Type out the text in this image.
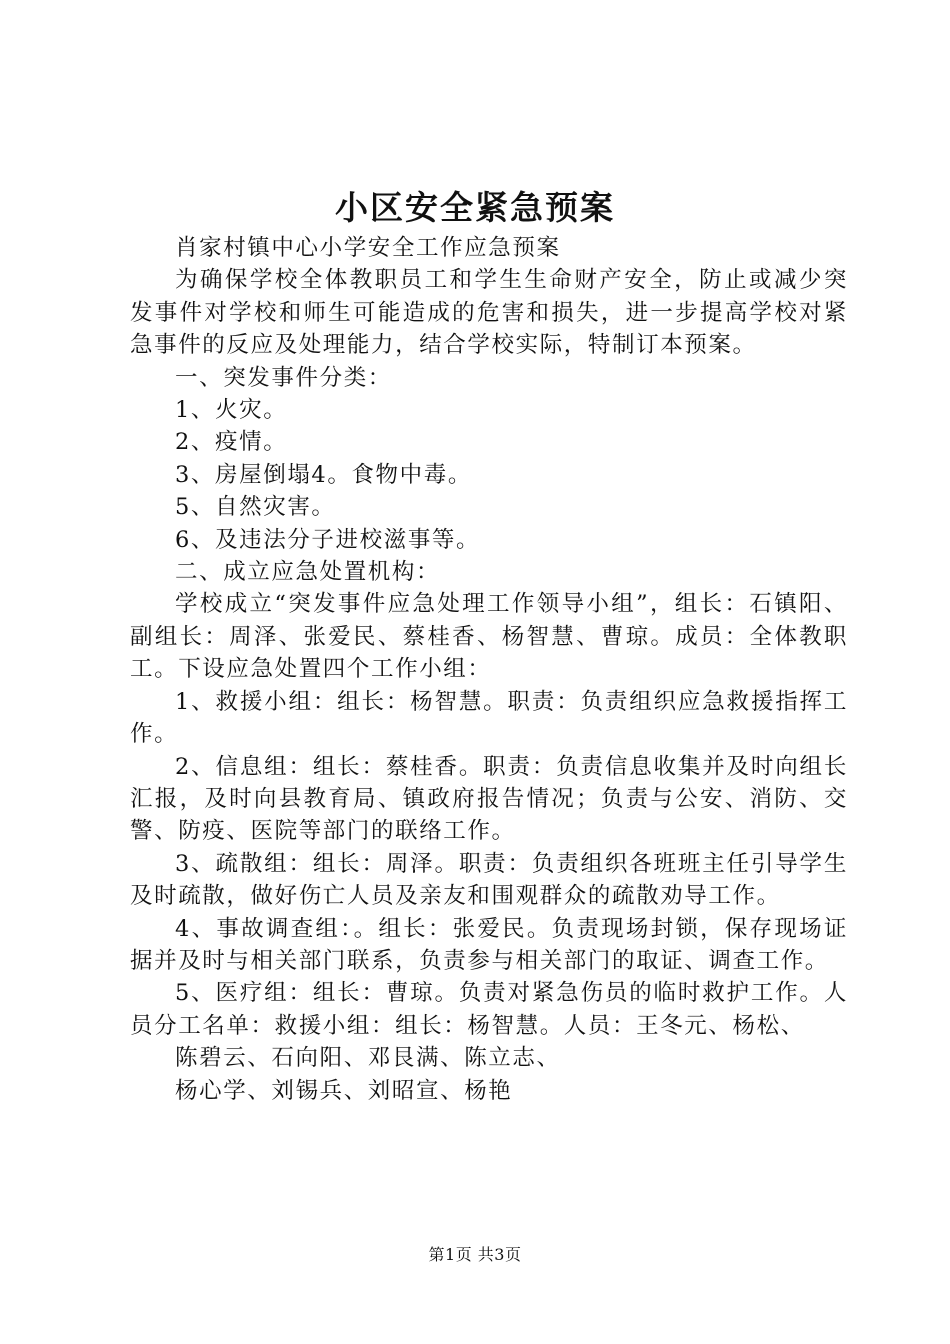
小区安全紧急预案

肖家村镇中心小学安全工作应急预案

为确保学校全体教职员工和学生生命财产安全，防止或减少突发事件对学校和师生可能造成的危害和损失，进一步提高学校对紧急事件的反应及处理能力，结合学校实际，特制订本预案。

一、突发事件分类：

1、火灾。

2、疫情。

3、房屋倒塌4。食物中毒。

5、自然灾害。

6、及违法分子进校滋事等。

二、成立应急处置机构：

学校成立“突发事件应急处理工作领导小组”，组长：石镇阳、副组长：周泽、张爱民、蔡桂香、杨智慧、曹琼。成员：全体教职工。下设应急处置四个工作小组：

1、救援小组：组长：杨智慧。职责：负责组织应急救援指挥工作。

2、信息组：组长：蔡桂香。职责：负责信息收集并及时向组长汇报，及时向县教育局、镇政府报告情况；负责与公安、消防、交警、防疫、医院等部门的联络工作。

3、疏散组：组长：周泽。职责：负责组织各班班主任引导学生及时疏散，做好伤亡人员及亲友和围观群众的疏散劝导工作。

4、事故调查组：。组长：张爱民。负责现场封锁，保存现场证据并及时与相关部门联系，负责参与相关部门的取证、调查工作。

5、医疗组：组长：曹琼。负责对紧急伤员的临时救护工作。人员分工名单：救援小组：组长：杨智慧。人员：王冬元、杨松、

陈碧云、石向阳、邓艮满、陈立志、

杨心学、刘锡兵、刘昭宣、杨艳

第1页 共3页
